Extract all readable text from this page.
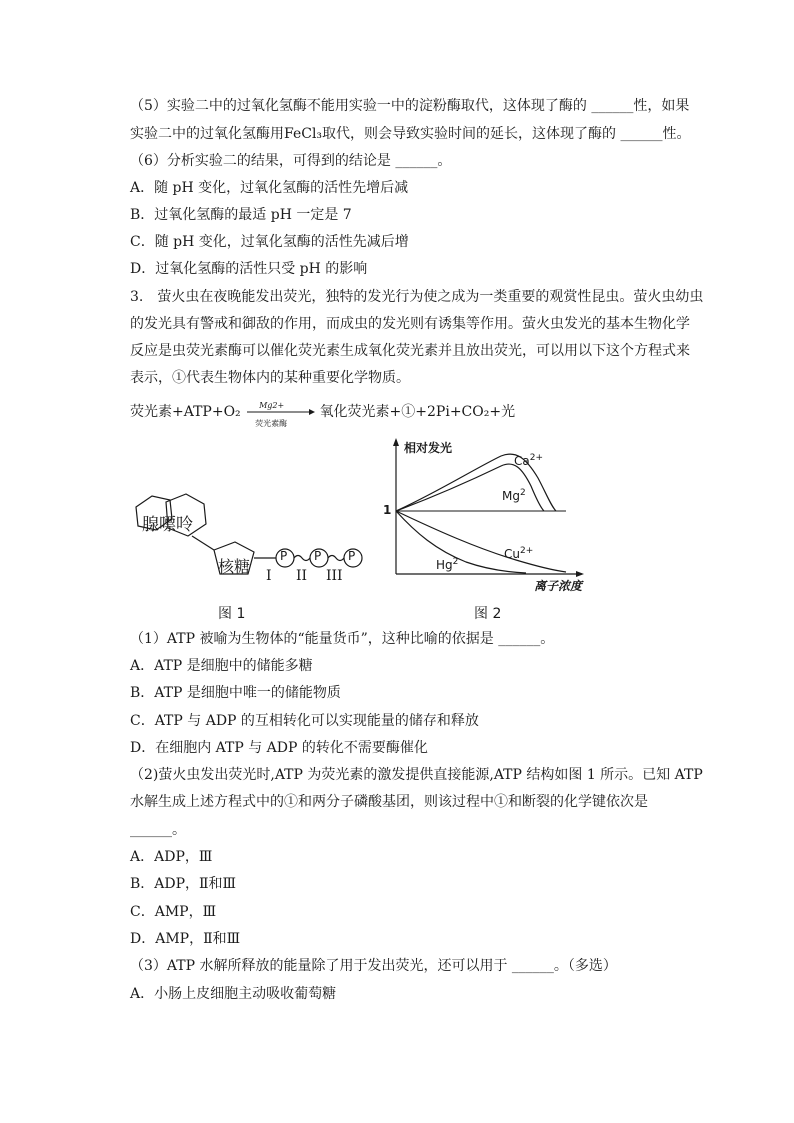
（5）实验二中的过氧化氢酶不能用实验一中的淀粉酶取代，这体现了酶的 ______性，如果
实验二中的过氧化氢酶用FeCl₃取代，则会导致实验时间的延长，这体现了酶的 ______性。
（6）分析实验二的结果，可得到的结论是 ______。
A．随 pH 变化，过氧化氢酶的活性先增后减
B．过氧化氢酶的最适 pH 一定是 7
C．随 pH 变化，过氧化氢酶的活性先减后增
D．过氧化氢酶的活性只受 pH 的影响
3.　萤火虫在夜晚能发出荧光，独特的发光行为使之成为一类重要的观赏性昆虫。萤火虫幼虫
的发光具有警戒和御敌的作用，而成虫的发光则有诱集等作用。萤火虫发光的基本生物化学
反应是虫荧光素酶可以催化荧光素生成氧化荧光素并且放出荧光，可以用以下这个方程式来
表示，①代表生物体内的某种重要化学物质。
荧光素+ATP+O₂ Mg2+
荧光素酶
氧化荧光素+①+2Pi+CO₂+光
腺嘌呤
核糖
P P P
I II III
图 1
相对发光
1
离子浓度
$Ca^{2+}$
Mg$^2$
$Cu^{2+}$
Hg$^2$
图 2
（1）ATP 被喻为生物体的“能量货币”，这种比喻的依据是 ______。
A．ATP 是细胞中的储能多糖
B．ATP 是细胞中唯一的储能物质
C．ATP 与 ADP 的互相转化可以实现能量的储存和释放
D．在细胞内 ATP 与 ADP 的转化不需要酶催化
（2)萤火虫发出荧光时,ATP 为荧光素的激发提供直接能源,ATP 结构如图 1 所示。已知 ATP
水解生成上述方程式中的①和两分子磷酸基团，则该过程中①和断裂的化学键依次是
______。
A．ADP，Ⅲ
B．ADP，Ⅱ和Ⅲ
C．AMP，Ⅲ
D．AMP，Ⅱ和Ⅲ
（3）ATP 水解所释放的能量除了用于发出荧光，还可以用于 ______。（多选）
A．小肠上皮细胞主动吸收葡萄糖
